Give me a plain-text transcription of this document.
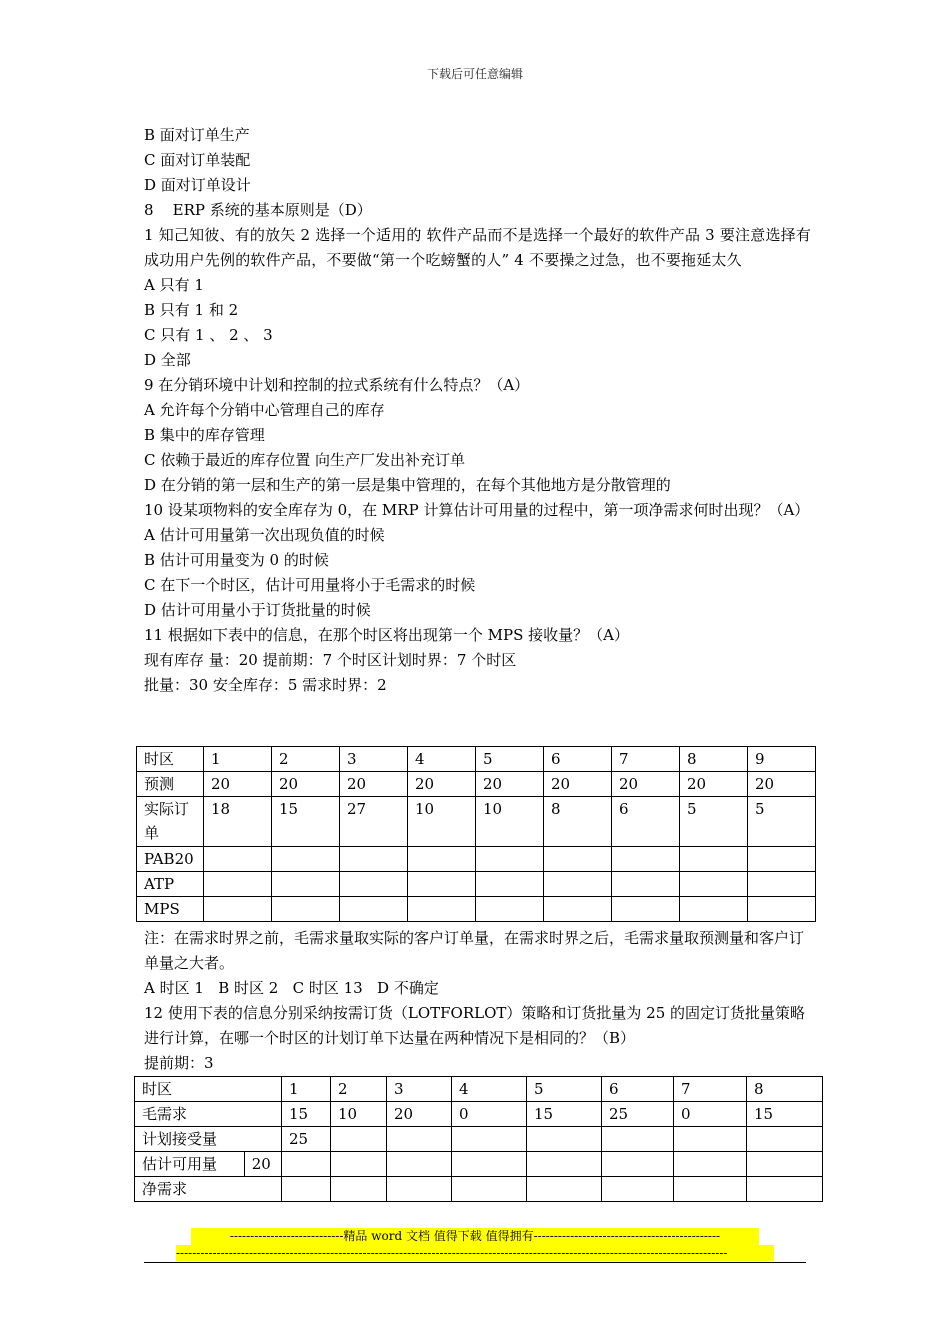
下载后可任意编辑

B 面对订单生产

C 面对订单装配

D 面对订单设计

8    ERP 系统的基本原则是（D）

1 知己知彼、有的放矢 2 选择一个适用的 软件产品而不是选择一个最好的软件产品 3 要注意选择有成功用户先例的软件产品，不要做“第一个吃螃蟹的人” 4 不要操之过急，也不要拖延太久

A 只有 1

B 只有 1 和 2

C 只有 1 、 2 、 3

D 全部

9 在分销环境中计划和控制的拉式系统有什么特点？（A）

A 允许每个分销中心管理自己的库存

B 集中的库存管理

C 依赖于最近的库存位置 向生产厂发出补充订单

D 在分销的第一层和生产的第一层是集中管理的，在每个其他地方是分散管理的

10 设某项物料的安全库存为 0，在 MRP 计算估计可用量的过程中，第一项净需求何时出现？（A）

A 估计可用量第一次出现负值的时候

B 估计可用量变为 0 的时候

C 在下一个时区，估计可用量将小于毛需求的时候

D 估计可用量小于订货批量的时候

11 根据如下表中的信息，在那个时区将出现第一个 MPS 接收量？（A）

现有库存 量：20 提前期：7 个时区计划时界：7 个时区

批量：30 安全库存：5 需求时界：2

时区	1	2	3	4	5	6	7	8	9
预测	20	20	20	20	20	20	20	20	20
实际订单	18	15	27	10	10	8	6	5	5
PAB20									
ATP									
MPS									

注：在需求时界之前，毛需求量取实际的客户订单量，在需求时界之后，毛需求量取预测量和客户订单量之大者。

A 时区 1   B 时区 2   C 时区 13   D 不确定

12 使用下表的信息分别采纳按需订货（LOTFORLOT）策略和订货批量为 25 的固定订货批量策略进行计算，在哪一个时区的计划订单下达量在两种情况下是相同的？（B）

提前期：3

时区		1	2	3	4	5	6	7	8
毛需求		15	10	20	0	15	25	0	15
计划接受量		25							
估计可用量	20								
净需求									
----------------------------精品 word 文档 值得下载 值得拥有----------------------------------------------
----------------------------------------------------------------------------------------------------------------------------------------
